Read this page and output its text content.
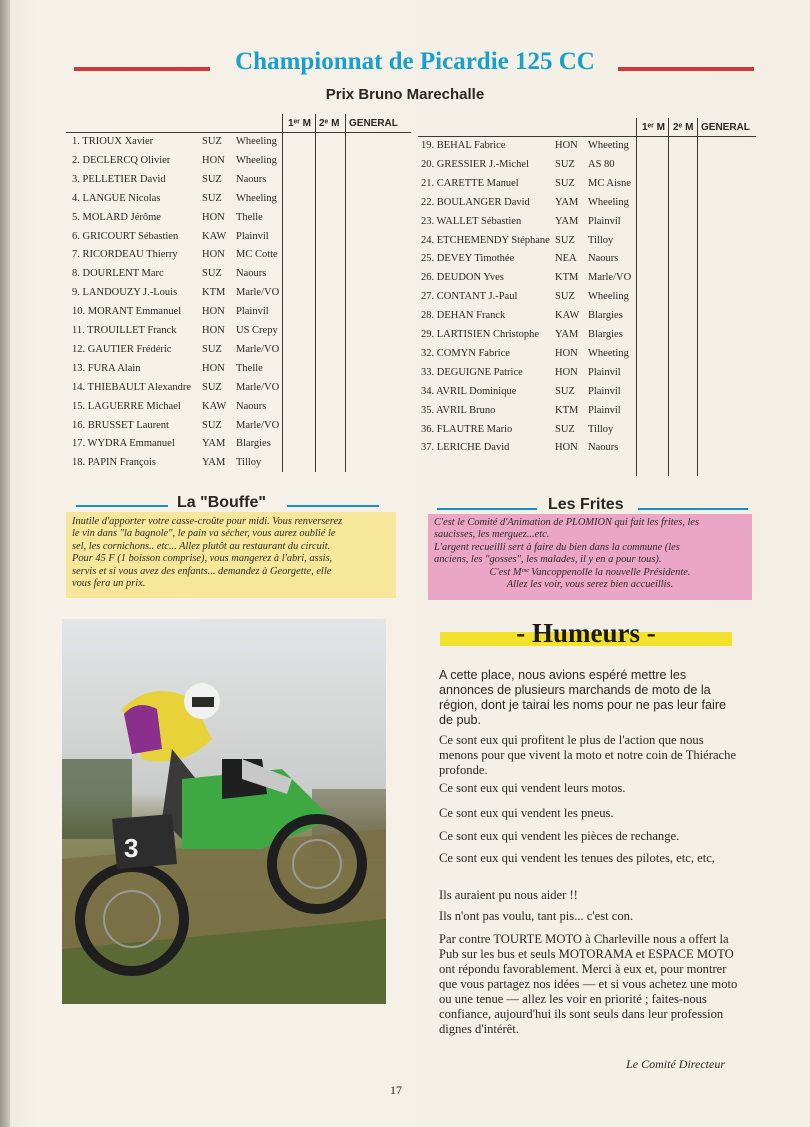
Championnat de Picardie 125 CC
Prix Bruno Marechalle
1ᵉʳ M 2ᵉ M GENERAL
1. TRIOUX Xavier	SUZ Wheeling
2. DECLERCQ Olivier	HON Wheeling
3. PELLETIER David	SUZ Naours
4. LANGUE Nicolas	SUZ Wheeling
5. MOLARD Jérôme	HON Thelle
6. GRICOURT Sébastien KAW Plainvil
7. RICORDEAU Thierry HON MC Cotte
8. DOURLENT Marc	SUZ Naours
9. LANDOUZY J.-Louis KTM Marle/VO
10. MORANT Emmanuel HON Plainvil
11. TROUILLET Franck HON US Crepy
12. GAUTIER Frédéric	SUZ Marle/VO
13. FURA Alain	HON Thelle
14. THIEBAULT Alexandre SUZ Marle/VO
15. LAGUERRE Michael KAW Naours
16. BRUSSET Laurent	SUZ Marle/VO
17. WYDRA Emmanuel	YAM Blargies
18. PAPIN François	YAM Tilloy
1ᵉʳ M 2ᵉ M GENERAL
19. BEHAL Fabrice	HON Wheeting
20. GRESSIER J.-Michel SUZ AS 80
21. CARETTE Manuel	SUZ MC Aisne
22. BOULANGER David YAM Wheeling
23. WALLET Sébastien	YAM Plainvil
24. ETCHEMENDY Stéphane SUZ Tilloy
25. DEVEY Timothée	NEA Naours
26. DEUDON Yves	KTM Marle/VO
27. CONTANT J.-Paul	SUZ Wheeling
28. DEHAN Franck	KAW Blargies
29. LARTISIEN Christophe YAM Blargies
32. COMYN Fabrice	HON Wheeting
33. DEGUIGNE Patrice	HON Plainvil
34. AVRIL Dominique	SUZ Plainvil
35. AVRIL Bruno	KTM Plainvil
36. FLAUTRE Mario	SUZ Tilloy
37. LERICHE David	HON Naours
La "Bouffe"
Inutile d'apporter votre casse-croûte pour midi. Vous renverserez
le vin dans "la bagnole", le pain va sécher, vous aurez oublié le
sel, les cornichons.. etc... Allez plutôt au restaurant du circuit.
Pour 45 F (1 boisson comprise), vous mangerez à l'abri, assis,
servis et si vous avez des enfants... demandez à Georgette, elle
vous fera un prix.
Les Frites
C'est le Comité d'Animation de PLOMION qui fait les frites, les
saucisses, les merguez...etc.
L'argent recueilli sert à faire du bien dans la commune (les
anciens, les "gosses", les malades, il y en a pour tous).
C'est Mᵐᵉ Vancoppenolle la nouvelle Présidente.
Allez les voir, vous serez bien accueillis.
3
- Humeurs -
A cette place, nous avions espéré mettre les annonces de plusieurs marchands de moto de la région, dont je tairai les noms pour ne pas leur faire de pub.
Ce sont eux qui profitent le plus de l'action que nous menons pour que vivent la moto et notre coin de Thiérache profonde.
Ce sont eux qui vendent leurs motos.
Ce sont eux qui vendent les pneus.
Ce sont eux qui vendent les pièces de rechange.
Ce sont eux qui vendent les tenues des pilotes, etc, etc,
Ils auraient pu nous aider !!
Ils n'ont pas voulu, tant pis... c'est con.
Par contre TOURTE MOTO à Charleville nous a offert la Pub sur les bus et seuls MOTORAMA et ESPACE MOTO ont répondu favorablement. Merci à eux et, pour montrer que vous partagez nos idées — et si vous achetez une moto ou une tenue — allez les voir en priorité ; faites-nous confiance, aujourd'hui ils sont seuls dans leur profession dignes d'intérêt.
Le Comité Directeur
17
